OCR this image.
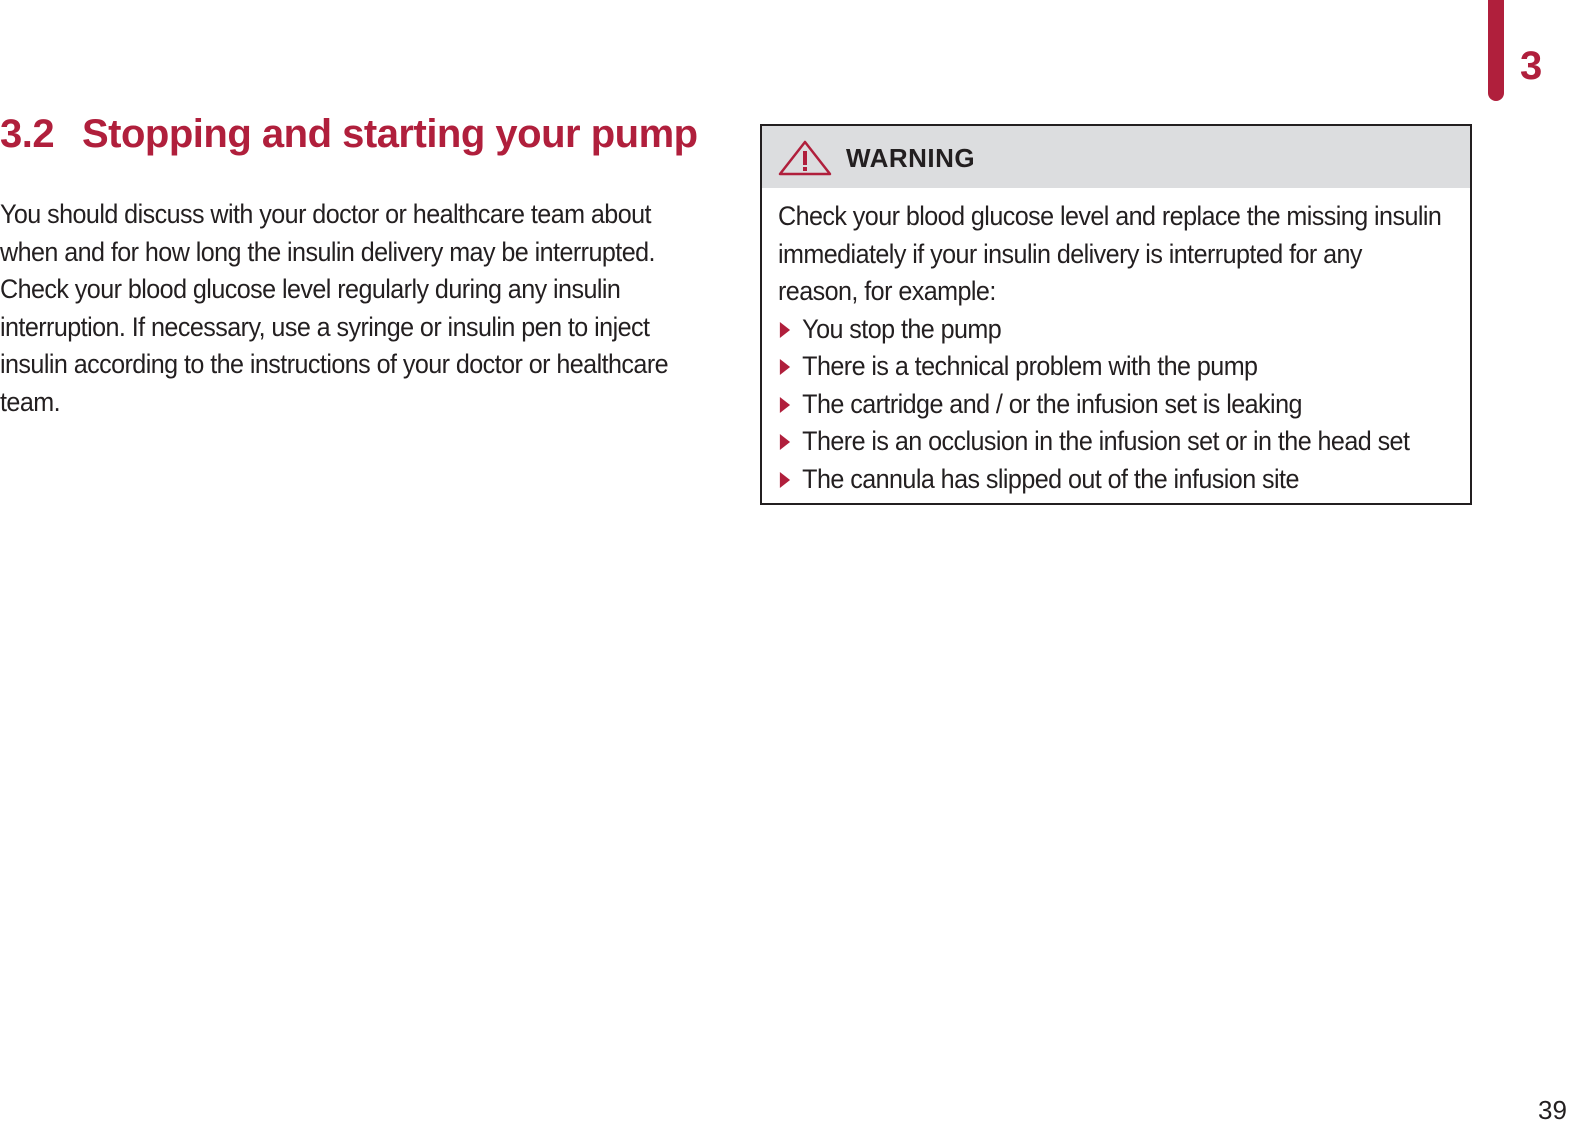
3
3.2 Stopping and starting your pump

You should discuss with your doctor or healthcare team about when and for how long the insulin delivery may be interrupted. Check your blood glucose level regularly during any insulin interruption. If necessary, use a syringe or insulin pen to inject insulin according to the instructions of your doctor or healthcare team.

WARNING

Check your blood glucose level and replace the missing insulin immediately if your insulin delivery is interrupted for any reason, for example:

You stop the pump
There is a technical problem with the pump
The cartridge and / or the infusion set is leaking
There is an occlusion in the infusion set or in the head set
The cannula has slipped out of the infusion site
39
